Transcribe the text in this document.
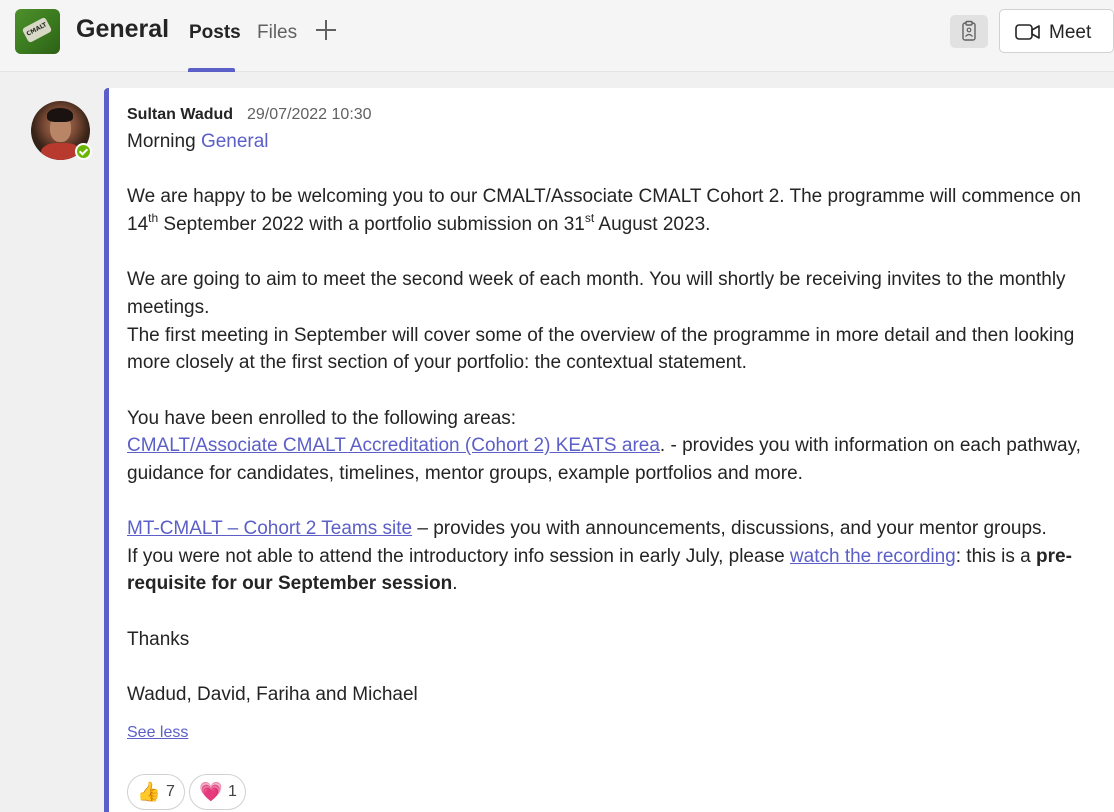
CMALT General Posts Files	Meet
Sultan Wadud 29/07/2022 10:30
Morning General
We are happy to be welcoming you to our CMALT/Associate CMALT Cohort 2. The programme will commence on
14th September 2022 with a portfolio submission on 31st August 2023.
We are going to aim to meet the second week of each month. You will shortly be receiving invites to the monthly
meetings.
The first meeting in September will cover some of the overview of the programme in more detail and then looking
more closely at the first section of your portfolio: the contextual statement.
You have been enrolled to the following areas:
CMALT/Associate CMALT Accreditation (Cohort 2) KEATS area. - provides you with information on each pathway,
guidance for candidates, timelines, mentor groups, example portfolios and more.
MT-CMALT – Cohort 2 Teams site – provides you with announcements, discussions, and your mentor groups.
If you were not able to attend the introductory info session in early July, please watch the recording: this is a pre-
requisite for our September session.
Thanks
Wadud, David, Fariha and Michael
See less
👍 7 💗 1
